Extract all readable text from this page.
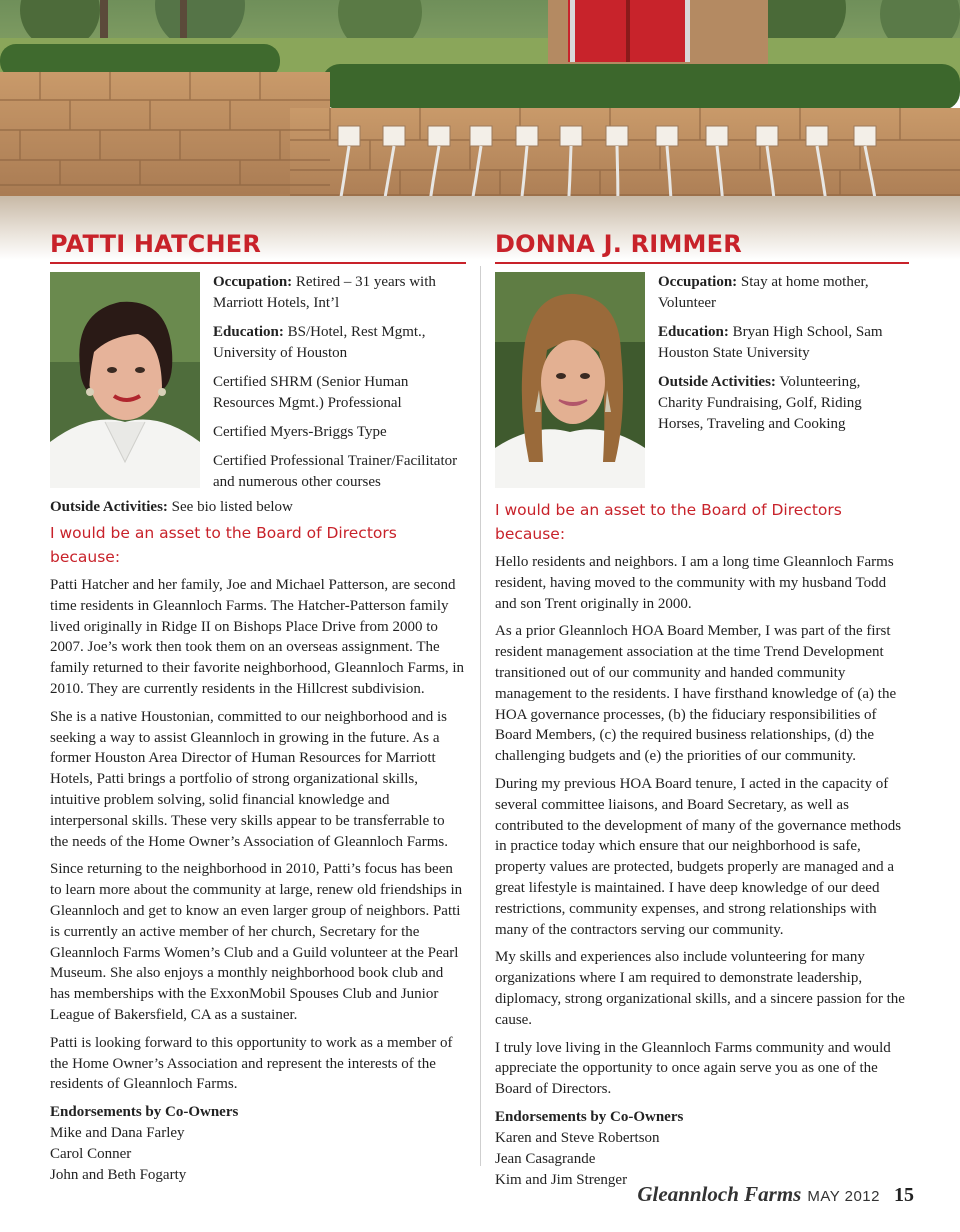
PATTI HATCHER

Occupation: Retired – 31 years with Marriott Hotels, Int’l

Education: BS/Hotel, Rest Mgmt., University of Houston

Certified SHRM (Senior Human Resources Mgmt.) Professional

Certified Myers-Briggs Type

Certified Professional Trainer/Facilitator and numerous other courses

Outside Activities: See bio listed below

I would be an asset to the Board of Directors because:

Patti Hatcher and her family, Joe and Michael Patterson, are second time residents in Gleannloch Farms. The Hatcher-Patterson family lived originally in Ridge II on Bishops Place Drive from 2000 to 2007. Joe’s work then took them on an overseas assignment. The family returned to their favorite neighborhood, Gleannloch Farms, in 2010. They are currently residents in the Hillcrest subdivision.

She is a native Houstonian, committed to our neighborhood and is seeking a way to assist Gleannloch in growing in the future. As a former Houston Area Director of Human Resources for Marriott Hotels, Patti brings a portfolio of strong organizational skills, intuitive problem solving, solid financial knowledge and interpersonal skills. These very skills appear to be transferrable to the needs of the Home Owner’s Association of Gleannloch Farms.

Since returning to the neighborhood in 2010, Patti’s focus has been to learn more about the community at large, renew old friendships in Gleannloch and get to know an even larger group of neighbors. Patti is currently an active member of her church, Secretary for the Gleannloch Farms Women’s Club and a Guild volunteer at the Pearl Museum. She also enjoys a monthly neighborhood book club and has memberships with the ExxonMobil Spouses Club and Junior League of Bakersfield, CA as a sustainer.

Patti is looking forward to this opportunity to work as a member of the Home Owner’s Association and represent the interests of the residents of Gleannloch Farms.

Endorsements by Co-Owners
Mike and Dana Farley
Carol Conner
John and Beth Fogarty
DONNA J. RIMMER

Occupation: Stay at home mother, Volunteer

Education: Bryan High School, Sam Houston State University

Outside Activities: Volunteering, Charity Fundraising, Golf, Riding Horses, Traveling and Cooking

I would be an asset to the Board of Directors because:

Hello residents and neighbors. I am a long time Gleannloch Farms resident, having moved to the community with my husband Todd and son Trent originally in 2000.

As a prior Gleannloch HOA Board Member, I was part of the first resident management association at the time Trend Development transitioned out of our community and handed community management to the residents. I have firsthand knowledge of (a) the HOA governance processes, (b) the fiduciary responsibilities of Board Members, (c) the required business relationships, (d) the challenging budgets and (e) the priorities of our community.

During my previous HOA Board tenure, I acted in the capacity of several committee liaisons, and Board Secretary, as well as contributed to the development of many of the governance methods in practice today which ensure that our neighborhood is safe, property values are protected, budgets properly are managed and a great lifestyle is maintained. I have deep knowledge of our deed restrictions, community expenses, and strong relationships with many of the contractors serving our community.

My skills and experiences also include volunteering for many organizations where I am required to demonstrate leadership, diplomacy, strong organizational skills, and a sincere passion for the cause.

I truly love living in the Gleannloch Farms community and would appreciate the opportunity to once again serve you as one of the Board of Directors.

Endorsements by Co-Owners
Karen and Steve Robertson
Jean Casagrande
Kim and Jim Strenger
Gleannloch Farms MAY 2012 15
